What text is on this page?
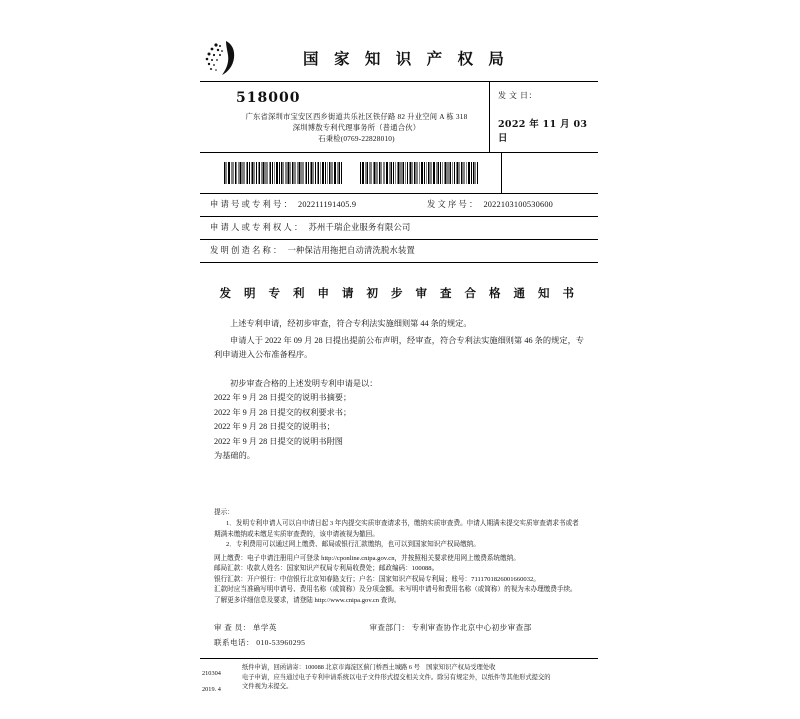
国 家 知 识 产 权 局
518000
广东省深圳市宝安区西乡街道共乐社区铁仔路 82 升业空间 A 栋 318
深圳博敖专利代理事务所（普通合伙）
石秉检(0769-22828010)
发 文 日：
2022 年 11 月 03 日
申请号或专利号： 202211191405.9	发文序号： 2022103100530600
申请人或专利权人： 苏州千瑞企业服务有限公司
发明创造名称： 一种保洁用拖把自动清洗脱水装置
发 明 专 利 申 请 初 步 审 查 合 格 通 知 书

上述专利申请，经初步审查，符合专利法实施细则第 44 条的规定。

申请人于 2022 年 09 月 28 日提出提前公布声明，经审查，符合专利法实施细则第 46 条的规定，专利申请进入公布准备程序。

初步审查合格的上述发明专利申请是以：

2022 年 9 月 28 日提交的说明书摘要；

2022 年 9 月 28 日提交的权利要求书；

2022 年 9 月 28 日提交的说明书；

2022 年 9 月 28 日提交的说明书附图

为基础的。

提示：

1．发明专利申请人可以自申请日起 3 年内提交实质审查请求书，缴纳实质审查费。申请人期满未提交实质审查请求书或者期满未缴纳或未缴足实质审查费的，该申请被视为撤回。

2．专利费用可以通过网上缴费、邮局或银行汇款缴纳，也可以到国家知识产权局缴纳。

网上缴费：电子申请注册用户可登录 http://cponline.cnipa.gov.cn，并按照相关要求使用网上缴费系统缴纳。

邮局汇款：收款人姓名：国家知识产权局专利局收费处；邮政编码：100088。

银行汇款：开户银行：中信银行北京知春路支行；户名：国家知识产权局专利局；账号：7111701826001660032。

汇款时应当准确写明申请号、费用名称（或简称）及分项金额。未写明申请号和费用名称（或简称）的视为未办理缴费手续。

了解更多详细信息及要求，请登陆 http://www.cnipa.gov.cn 查询。

审 查 员： 单学英	审查部门： 专利审查协作北京中心初步审查部
联系电话： 010-53960295

210304

2019. 4

纸件申请，回函请寄：100088 北京市海淀区蓟门桥西土城路 6 号　国家知识产权局受理处收

电子申请，应当通过电子专利申请系统以电子文件形式提交相关文件。除另有规定外，以纸件等其他形式提交的

文件视为未提交。
